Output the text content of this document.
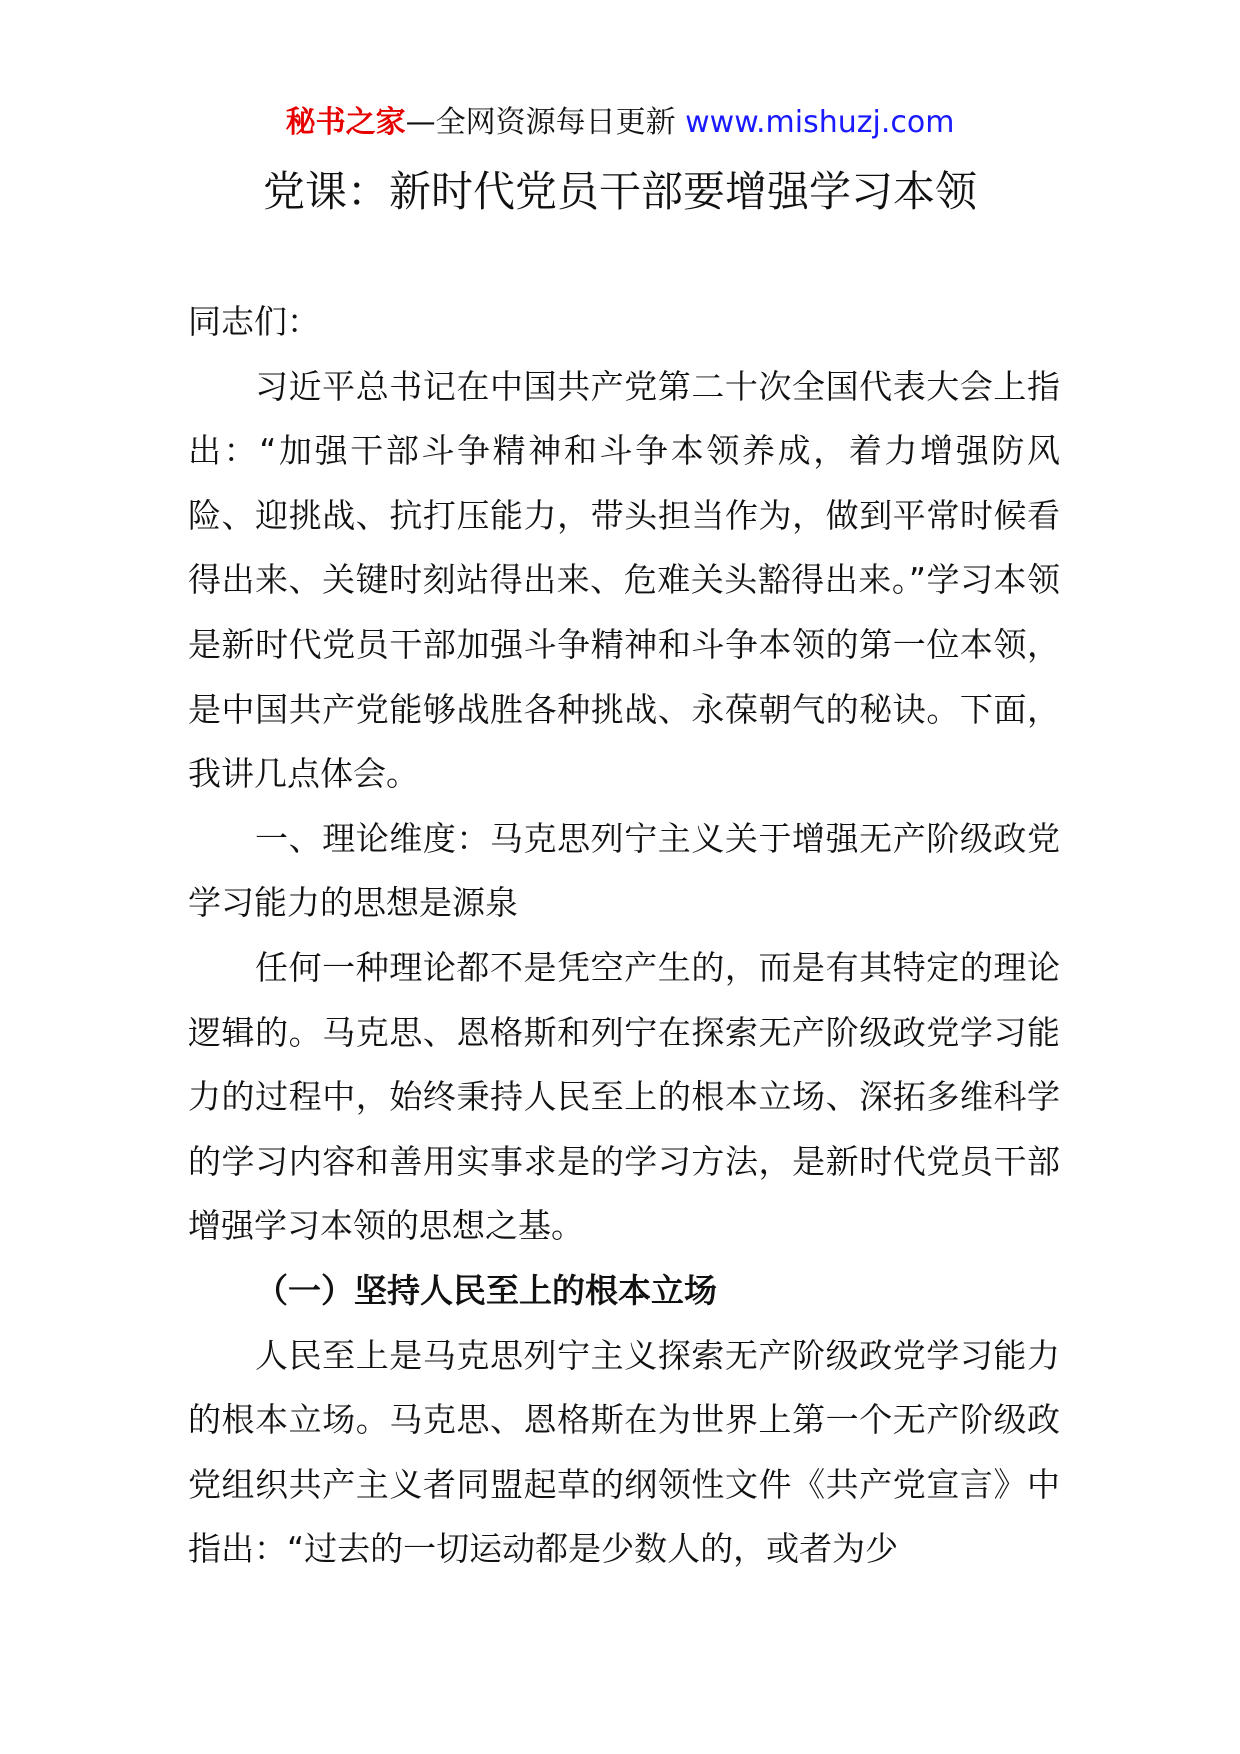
秘书之家—全网资源每日更新 www.mishuzj.com
党课：新时代党员干部要增强学习本领

同志们：

习近平总书记在中国共产党第二十次全国代表大会上指出：“加强干部斗争精神和斗争本领养成，着力增强防风险、迎挑战、抗打压能力，带头担当作为，做到平常时候看得出来、关键时刻站得出来、危难关头豁得出来。”学习本领是新时代党员干部加强斗争精神和斗争本领的第一位本领，是中国共产党能够战胜各种挑战、永葆朝气的秘诀。下面，我讲几点体会。

一、理论维度：马克思列宁主义关于增强无产阶级政党学习能力的思想是源泉

任何一种理论都不是凭空产生的，而是有其特定的理论逻辑的。马克思、恩格斯和列宁在探索无产阶级政党学习能力的过程中，始终秉持人民至上的根本立场、深拓多维科学的学习内容和善用实事求是的学习方法，是新时代党员干部增强学习本领的思想之基。

（一）坚持人民至上的根本立场

人民至上是马克思列宁主义探索无产阶级政党学习能力的根本立场。马克思、恩格斯在为世界上第一个无产阶级政党组织共产主义者同盟起草的纲领性文件《共产党宣言》中指出：“过去的一切运动都是少数人的，或者为少
